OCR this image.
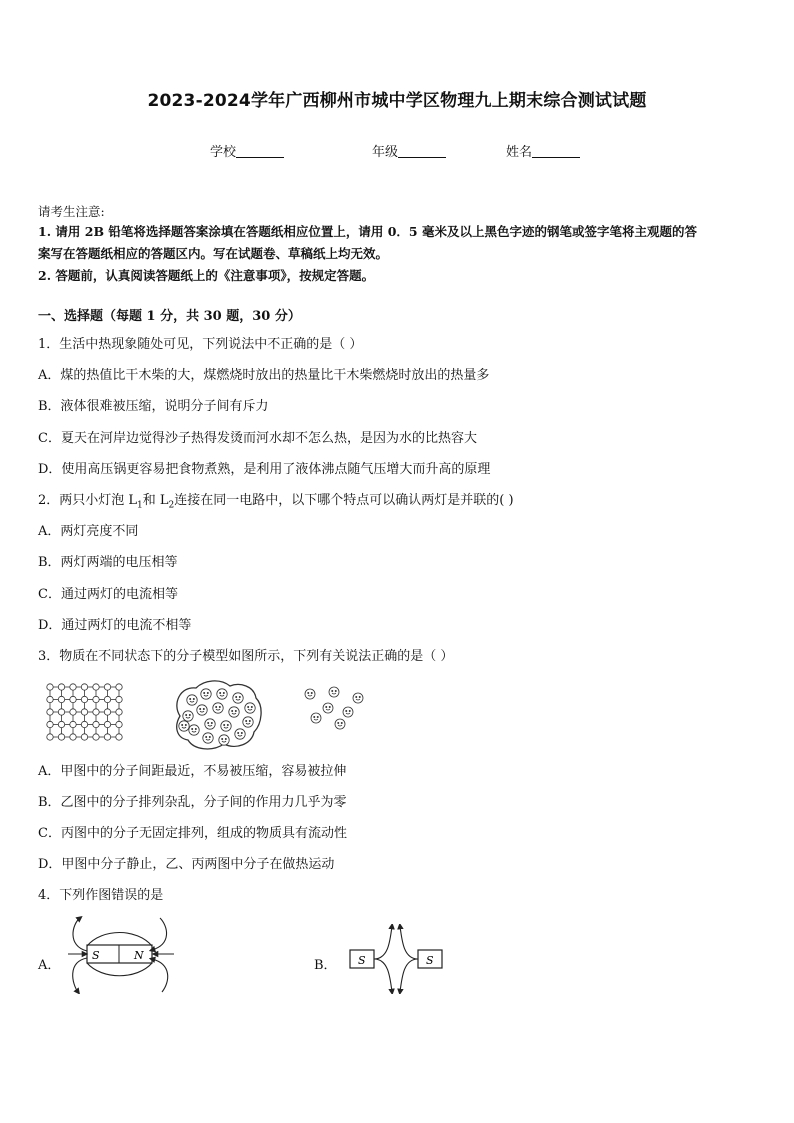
2023-2024学年广西柳州市城中学区物理九上期末综合测试试题
学校	年级	姓名
请考生注意:
1. 请用 2B 铅笔将选择题答案涂填在答题纸相应位置上，请用 0．5 毫米及以上黑色字迹的钢笔或签字笔将主观题的答
案写在答题纸相应的答题区内。写在试题卷、草稿纸上均无效。
2. 答题前，认真阅读答题纸上的《注意事项》，按规定答题。
一、选择题（每题 1 分，共 30 题，30 分）
1．生活中热现象随处可见，下列说法中不正确的是（ ）
A．煤的热值比干木柴的大，煤燃烧时放出的热量比干木柴燃烧时放出的热量多
B．液体很难被压缩，说明分子间有斥力
C．夏天在河岸边觉得沙子热得发烫而河水却不怎么热，是因为水的比热容大
D．使用高压锅更容易把食物煮熟，是利用了液体沸点随气压增大而升高的原理
2．两只小灯泡 $L_1$和 $L_2$连接在同一电路中，以下哪个特点可以确认两灯是并联的( )
A．两灯亮度不同
B．两灯两端的电压相等
C．通过两灯的电流相等
D．通过两灯的电流不相等
3．物质在不同状态下的分子模型如图所示，下列有关说法正确的是（ ）
A．甲图中的分子间距最近，不易被压缩，容易被拉伸
B．乙图中的分子排列杂乱，分子间的作用力几乎为零
C．丙图中的分子无固定排列，组成的物质具有流动性
D．甲图中分子静止，乙、丙两图中分子在做热运动
4．下列作图错误的是
A．
S	N
B． S	S
